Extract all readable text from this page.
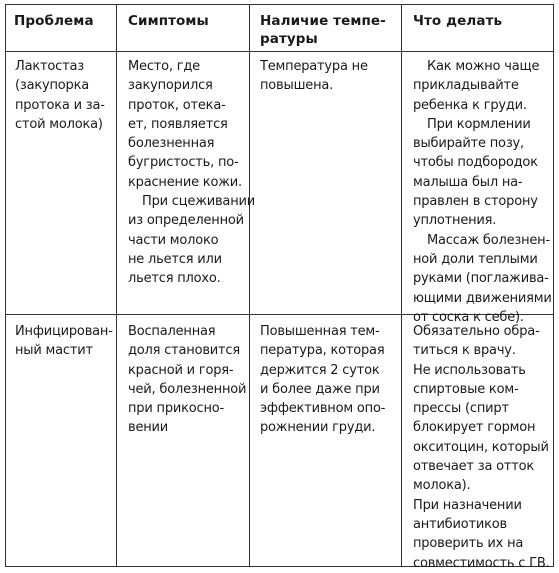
Проблема	Симптомы	Наличие темпе-
ратуры
Что делать
Лактостаз
(закупорка
протока и за-
стой молока)
Место, где
закупорился
проток, отека-
ет, появляется
болезненная
бугристость, по-
краснение кожи.
При сцеживании
из определенной
части молоко
не льется или
льется плохо.
Температура не
повышена.
Как можно чаще
прикладывайте
ребенка к груди.
При кормлении
выбирайте позу,
чтобы подбородок
малыша был на-
правлен в сторону
уплотнения.
Массаж болезнен-
ной доли теплыми
руками (поглажива-
ющими движениями
от соска к себе).
Инфицирован-
ный мастит
Воспаленная
доля становится
красной и горя-
чей, болезненной
при прикосно-
вении
Повышенная тем-
пература, которая
держится 2 суток
и более даже при
эффективном опо-
рожнении груди.
Обязательно обра-
титься к врачу.
Не использовать
спиртовые ком-
прессы (спирт
блокирует гормон
окситоцин, который
отвечает за отток
молока).
При назначении
антибиотиков
проверить их на
совместимость с ГВ.
